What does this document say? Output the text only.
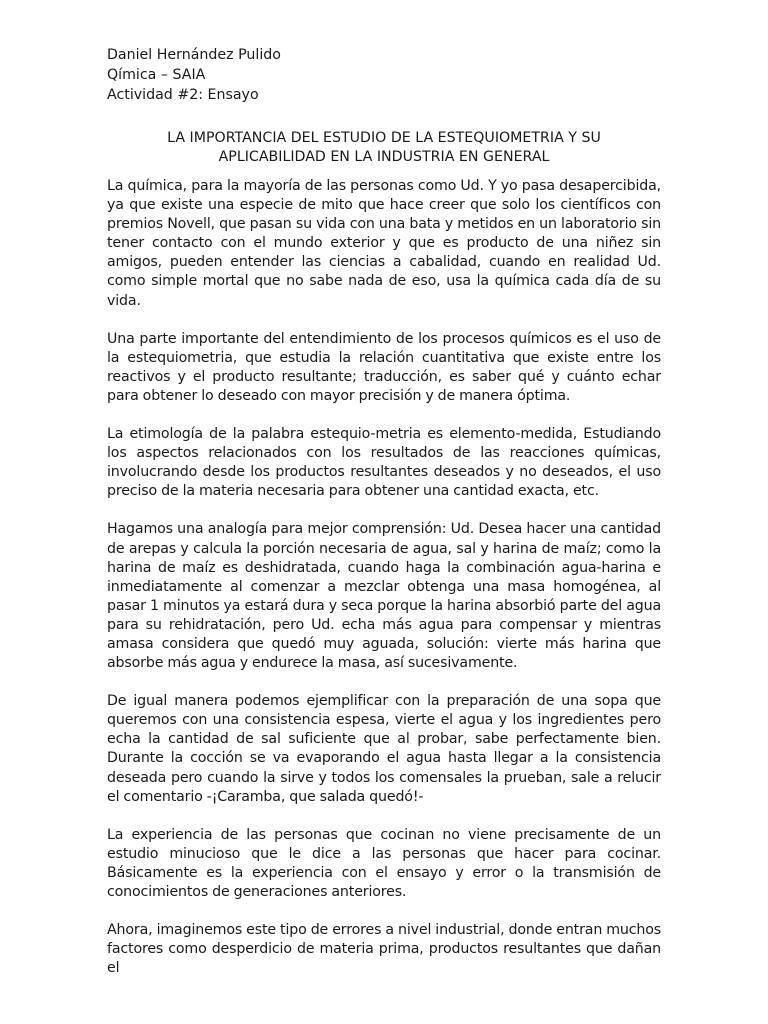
Daniel Hernández Pulido
Qímica – SAIA
Actividad #2: Ensayo
LA IMPORTANCIA DEL ESTUDIO DE LA ESTEQUIOMETRIA Y SU
APLICABILIDAD EN LA INDUSTRIA EN GENERAL

La química, para la mayoría de las personas como Ud. Y yo pasa desapercibida, ya que existe una especie de mito que hace creer que solo los científicos con premios Novell, que pasan su vida con una bata y metidos en un laboratorio sin tener contacto con el mundo exterior y que es producto de una niñez sin amigos, pueden entender las ciencias a cabalidad, cuando en realidad Ud. como simple mortal que no sabe nada de eso, usa la química cada día de su vida.

Una parte importante del entendimiento de los procesos químicos es el uso de la estequiometria, que estudia la relación cuantitativa que existe entre los reactivos y el producto resultante; traducción, es saber qué y cuánto echar para obtener lo deseado con mayor precisión y de manera óptima.

La etimología de la palabra estequio-metria es elemento-medida, Estudiando los aspectos relacionados con los resultados de las reacciones químicas, involucrando desde los productos resultantes deseados y no deseados, el uso preciso de la materia necesaria para obtener una cantidad exacta, etc.

Hagamos una analogía para mejor comprensión: Ud. Desea hacer una cantidad de arepas y calcula la porción necesaria de agua, sal y harina de maíz; como la harina de maíz es deshidratada, cuando haga la combinación agua-harina e inmediatamente al comenzar a mezclar obtenga una masa homogénea, al pasar 1 minutos ya estará dura y seca porque la harina absorbió parte del agua para su rehidratación, pero Ud. echa más agua para compensar y mientras amasa considera que quedó muy aguada, solución: vierte más harina que absorbe más agua y endurece la masa, así sucesivamente.

De igual manera podemos ejemplificar con la preparación de una sopa que queremos con una consistencia espesa, vierte el agua y los ingredientes pero echa la cantidad de sal suficiente que al probar, sabe perfectamente bien. Durante la cocción se va evaporando el agua hasta llegar a la consistencia deseada pero cuando la sirve y todos los comensales la prueban, sale a relucir el comentario -¡Caramba, que salada quedó!-

La experiencia de las personas que cocinan no viene precisamente de un estudio minucioso que le dice a las personas que hacer para cocinar. Básicamente es la experiencia con el ensayo y error o la transmisión de conocimientos de generaciones anteriores.

Ahora, imaginemos este tipo de errores a nivel industrial, donde entran muchos factores como desperdicio de materia prima, productos resultantes que dañan el
